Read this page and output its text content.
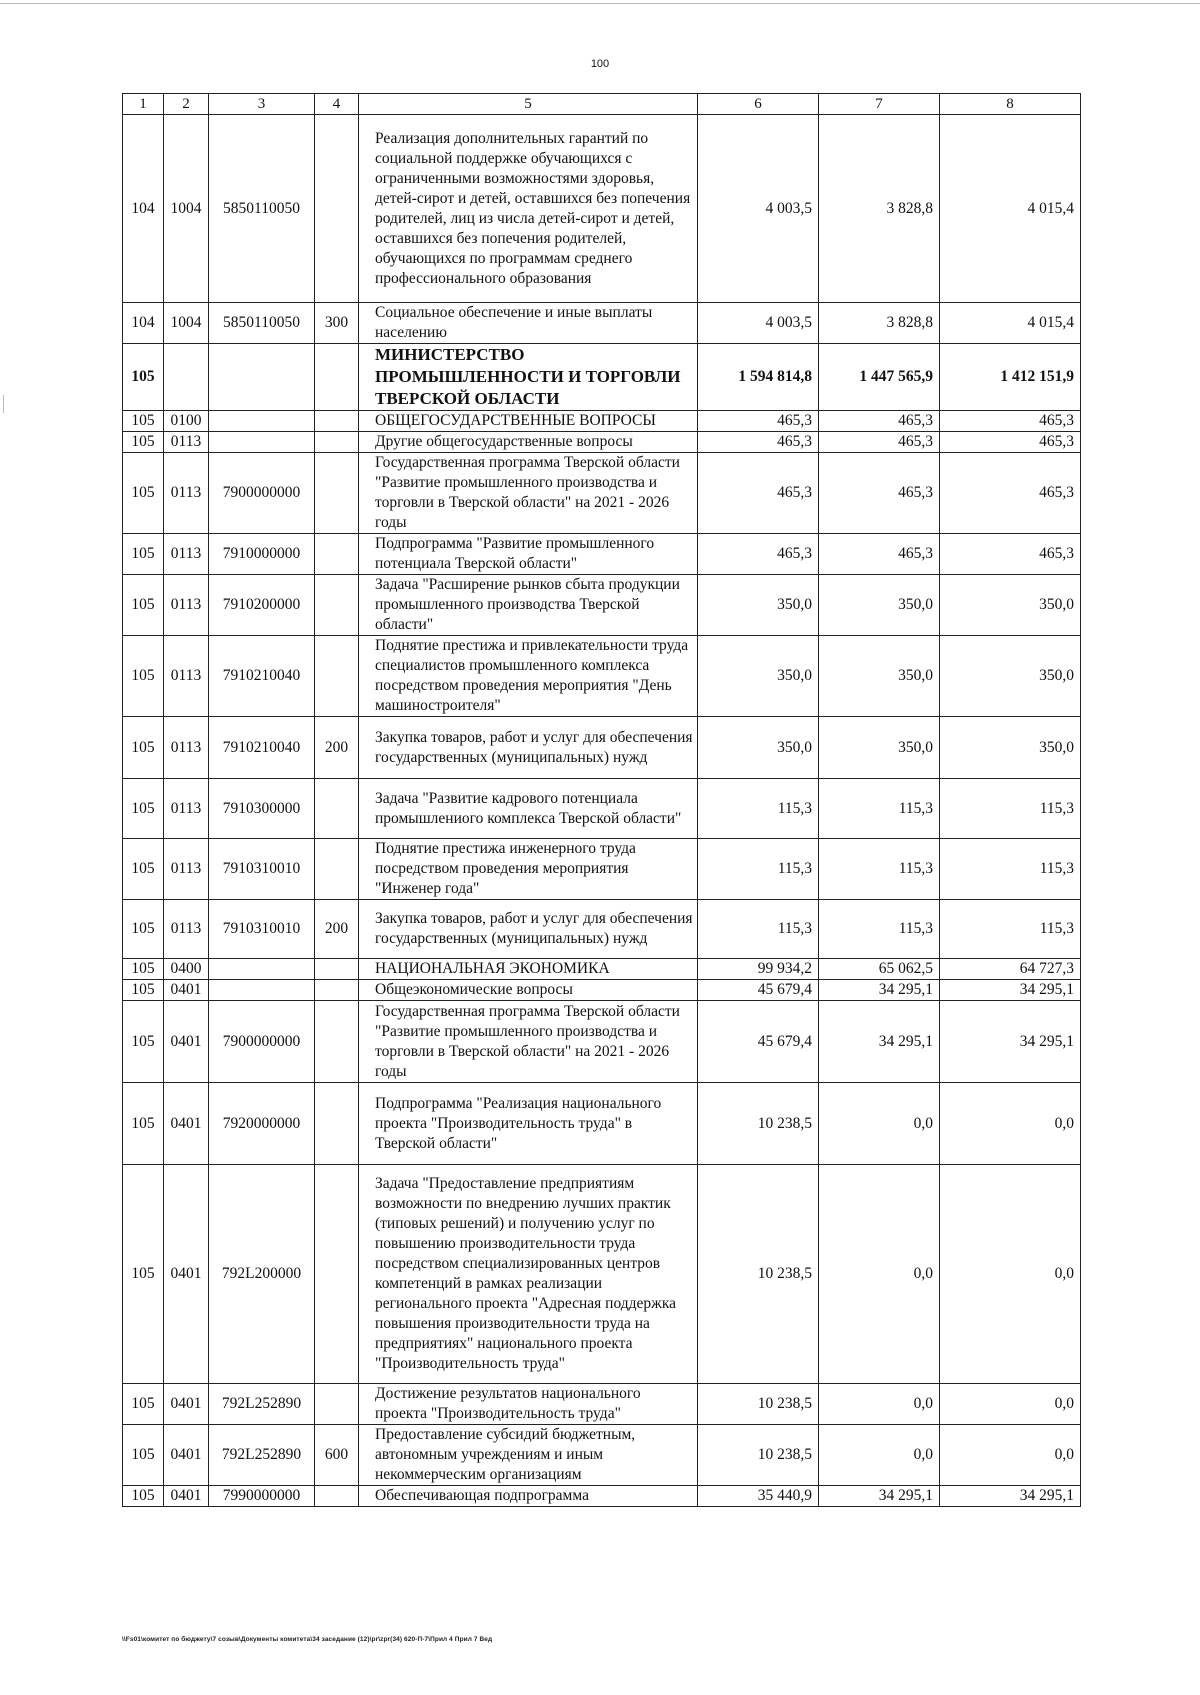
100
1	2	3	4	5	6	7	8
104	1004	5850110050		Реализация дополнительных гарантий по социальной поддержке обучающихся с ограниченными возможностями здоровья, детей-сирот и детей, оставшихся без попечения родителей, лиц из числа детей-сирот и детей, оставшихся без попечения родителей, обучающихся по программам среднего профессионального образования	4 003,5	3 828,8	4 015,4
104	1004	5850110050	300	Социальное обеспечение и иные выплаты населению	4 003,5	3 828,8	4 015,4
105				МИНИСТЕРСТВО ПРОМЫШЛЕННОСТИ И ТОРГОВЛИ ТВЕРСКОЙ ОБЛАСТИ	1 594 814,8	1 447 565,9	1 412 151,9
105	0100			ОБЩЕГОСУДАРСТВЕННЫЕ ВОПРОСЫ	465,3	465,3	465,3
105	0113			Другие общегосударственные вопросы	465,3	465,3	465,3
105	0113	7900000000		Государственная программа Тверской области "Развитие промышленного производства и торговли в Тверской области" на 2021 - 2026 годы	465,3	465,3	465,3
105	0113	7910000000		Подпрограмма "Развитие промышленного потенциала Тверской области"	465,3	465,3	465,3
105	0113	7910200000		Задача "Расширение рынков сбыта продукции промышленного производства Тверской области"	350,0	350,0	350,0
105	0113	7910210040		Поднятие престижа и привлекательности труда специалистов промышленного комплекса посредством проведения мероприятия "День машиностроителя"	350,0	350,0	350,0
105	0113	7910210040	200	Закупка товаров, работ и услуг для обеспечения государственных (муниципальных) нужд	350,0	350,0	350,0
105	0113	7910300000		Задача "Развитие кадрового потенциала промышлениого комплекса Тверской области"	115,3	115,3	115,3
105	0113	7910310010		Поднятие престижа инженерного труда посредством проведения мероприятия "Инженер года"	115,3	115,3	115,3
105	0113	7910310010	200	Закупка товаров, работ и услуг для обеспечения государственных (муниципальных) нужд	115,3	115,3	115,3
105	0400			НАЦИОНАЛЬНАЯ ЭКОНОМИКА	99 934,2	65 062,5	64 727,3
105	0401			Общеэкономические вопросы	45 679,4	34 295,1	34 295,1
105	0401	7900000000		Государственная программа Тверской области "Развитие промышленного производства и торговли в Тверской области" на 2021 - 2026 годы	45 679,4	34 295,1	34 295,1
105	0401	7920000000		Подпрограмма "Реализация национального проекта "Производительность труда" в Тверской области"	10 238,5	0,0	0,0
105	0401	792L200000		Задача "Предоставление предприятиям возможности по внедрению лучших практик (типовых решений) и получению услуг по повышению производительности труда посредством специализированных центров компетенций в рамках реализации регионального проекта "Адресная поддержка повышения производительности труда на предприятиях" национального проекта "Производительность труда"	10 238,5	0,0	0,0
105	0401	792L252890		Достижение результатов национального проекта "Производительность труда"	10 238,5	0,0	0,0
105	0401	792L252890	600	Предоставление субсидий бюджетным, автономным учреждениям и иным некоммерческим организациям	10 238,5	0,0	0,0
105	0401	7990000000		Обеспечивающая подпрограмма	35 440,9	34 295,1	34 295,1
\\Fs01\комитет по бюджету\7 созыв\Документы комитета\34 заседание (12)\pr\zpr(34) 620-П-7\Прил 4 Прил 7 Вед
